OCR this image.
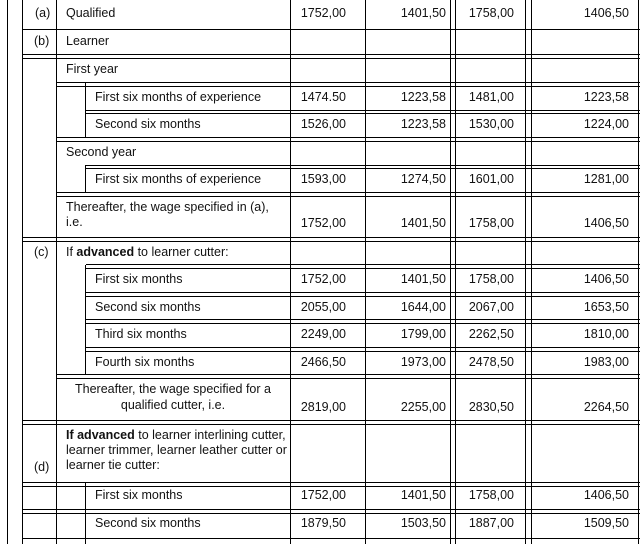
(a) Qualified	1752,00	1401,50	1758,00	1406,50
(b) Learner
First year
First six months of experience	1474.50	1223,58	1481,00	1223,58
Second six months	1526,00	1223,58	1530,00	1224,00
Second year
First six months of experience	1593,00	1274,50	1601,00	1281,00
Thereafter, the wage specified in (a), i.e.	1752,00	1401,50	1758,00	1406,50
(c) If advanced to learner cutter:
First six months	1752,00	1401,50	1758,00	1406,50
Second six months	2055,00	1644,00	2067,00	1653,50
Third six months	2249,00	1799,00	2262,50	1810,00
Fourth six months	2466,50	1973,00	2478,50	1983,00
Thereafter, the wage specified for a
qualified cutter, i.e.	2819,00	2255,00	2830,50	2264,50
(d)
If advanced to learner interlining cutter, learner trimmer, learner leather cutter or learner tie cutter:
First six months	1752,00	1401,50	1758,00	1406,50
Second six months	1879,50	1503,50	1887,00	1509,50
